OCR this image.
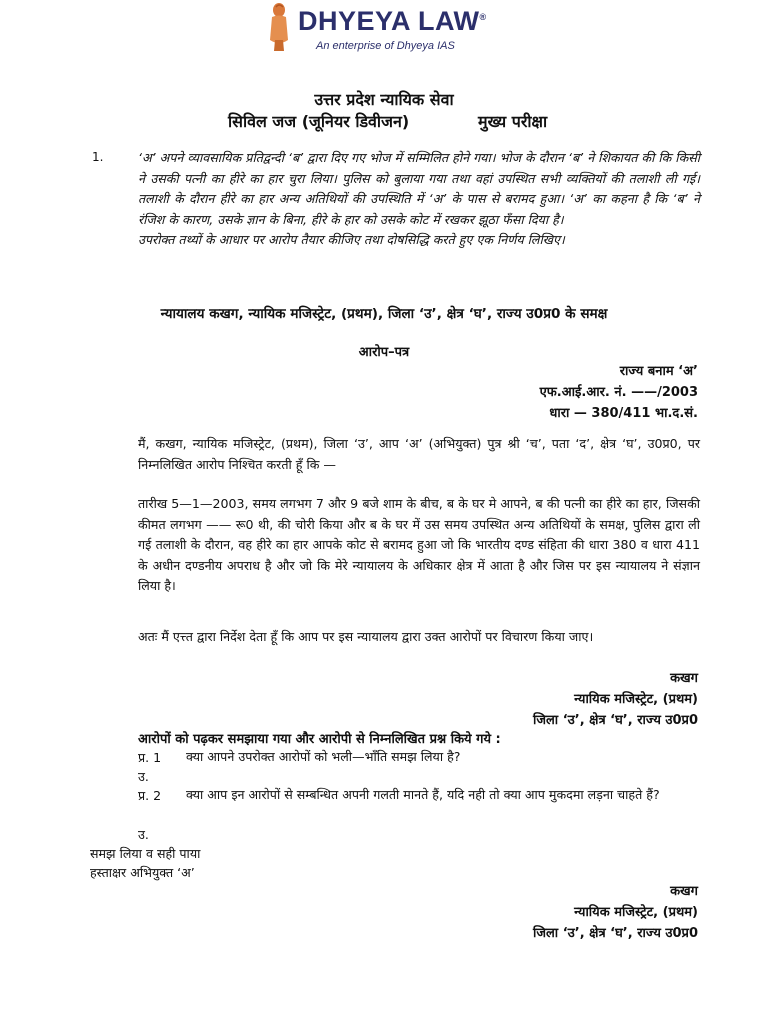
DHYEYA LAW®
An enterprise of Dhyeya IAS
उत्तर प्रदेश न्यायिक सेवा
सिविल जज (जूनियर डिवीजन)	मुख्य परीक्षा
1.	‘अ’ अपने व्यावसायिक प्रतिद्वन्दी ‘ब’ द्वारा दिए गए भोज में सम्मिलित होने गया। भोज के दौरान ‘ब’ ने शिकायत की कि किसी ने उसकी पत्नी का हीरे का हार चुरा लिया। पुलिस को बुलाया गया तथा वहां उपस्थित सभी व्यक्तियों की तलाशी ली गई। तलाशी के दौरान हीरे का हार अन्य अतिथियों की उपस्थिति में ‘अ’ के पास से बरामद हुआ। ‘अ’ का कहना है कि ‘ब’ ने रंजिश के कारण, उसके ज्ञान के बिना, हीरे के हार को उसके कोट में रखकर झूठा फँसा दिया है।

उपरोक्त तथ्यों के आधार पर आरोप तैयार कीजिए तथा दोषसिद्धि करते हुए एक निर्णय लिखिए।

न्यायालय कखग, न्यायिक मजिस्ट्रेट, (प्रथम), जिला ‘उ’, क्षेत्र ‘घ’, राज्य उ0प्र0 के समक्ष
आरोप–पत्र
राज्य बनाम ‘अ’
एफ.आई.आर. नं. ——/2003
धारा — 380/411 भा.द.सं.
मैं, कखग, न्यायिक मजिस्ट्रेट, (प्रथम), जिला ‘उ’, आप ‘अ’ (अभियुक्त) पुत्र श्री ‘च’, पता ‘द’, क्षेत्र ‘घ’, उ0प्र0, पर निम्नलिखित आरोप निश्चित करती हूँ कि —
तारीख 5—1—2003, समय लगभग 7 और 9 बजे शाम के बीच, ब के घर मे आपने, ब की पत्नी का हीरे का हार, जिसकी कीमत लगभग —— रू0 थी, की चोरी किया और ब के घर में उस समय उपस्थित अन्य अतिथियों के समक्ष, पुलिस द्वारा ली गई तलाशी के दौरान, वह हीरे का हार आपके कोट से बरामद हुआ जो कि भारतीय दण्ड संहिता की धारा 380 व धारा 411 के अधीन दण्डनीय अपराध है और जो कि मेरे न्यायालय के अधिकार क्षेत्र में आता है और जिस पर इस न्यायालय ने संज्ञान लिया है।
अतः मैं एत्त्त द्वारा निर्देश देता हूँ कि आप पर इस न्यायालय द्वारा उक्त आरोपों पर विचारण किया जाए।
कखग
न्यायिक मजिस्ट्रेट, (प्रथम)
जिला ‘उ’, क्षेत्र ‘घ’, राज्य उ0प्र0
आरोपों को पढ़कर समझाया गया और आरोपी से निम्नलिखित प्रश्न किये गये :
प्र. 1 क्या आपने उपरोक्त आरोपों को भली—भाँति समझ लिया है?
उ.
प्र. 2 क्या आप इन आरोपों से सम्बन्धित अपनी गलती मानते हैं, यदि नही तो क्या आप मुकदमा लड़ना चाहते हैं?
उ.
समझ लिया व सही पाया
हस्ताक्षर अभियुक्त ‘अ’
कखग
न्यायिक मजिस्ट्रेट, (प्रथम)
जिला ‘उ’, क्षेत्र ‘घ’, राज्य उ0प्र0
